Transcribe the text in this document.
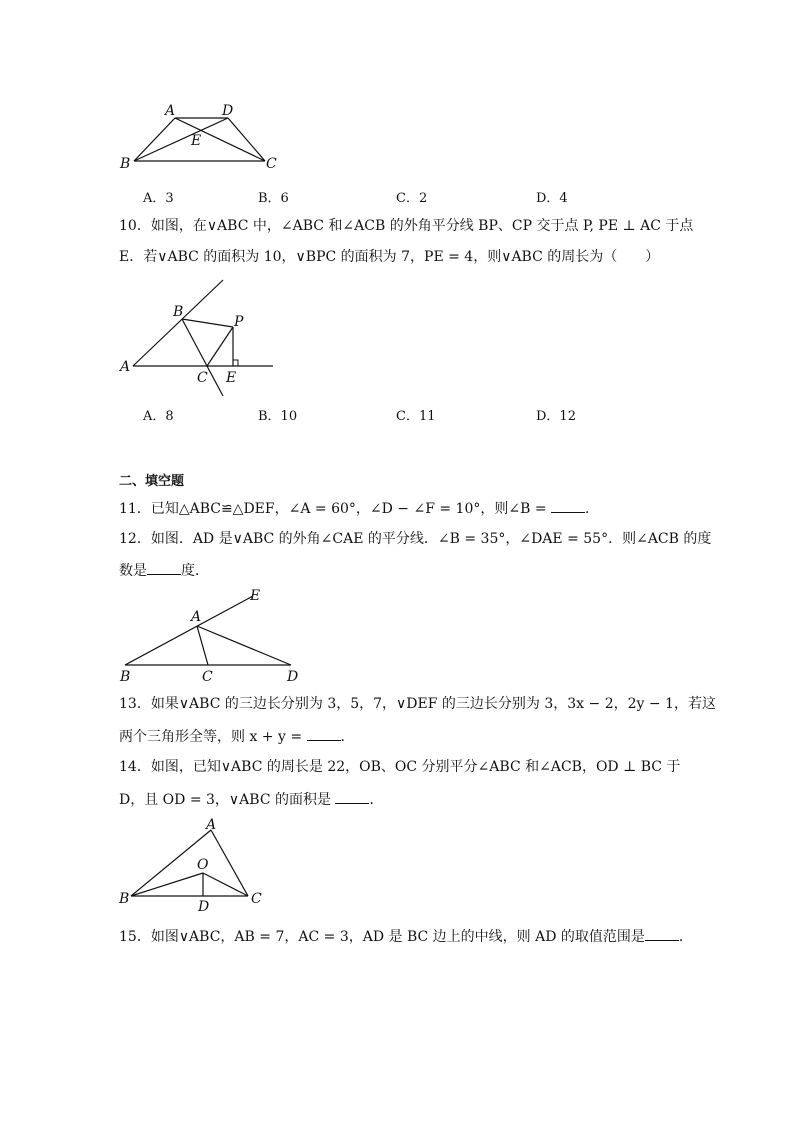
A	D
E
B	C
A．3	B．6	C．2	D．4
10．如图，在∨ABC 中，∠ABC 和∠ACB 的外角平分线 BP、CP 交于点 P, PE ⊥ AC 于点
E．若∨ABC 的面积为 10，∨BPC 的面积为 7，PE = 4，则∨ABC 的周长为（　　）
B
P
A
C E
A．8	B．10	C．11	D．12
二、填空题
11．已知△ABC≌△DEF，∠A = 60°，∠D − ∠F = 10°，则∠B = ．
12．如图．AD 是∨ABC 的外角∠CAE 的平分线．∠B = 35°，∠DAE = 55°．则∠ACB 的度
数是 度．
A
E
B	C	D
13．如果∨ABC 的三边长分别为 3，5，7，∨DEF 的三边长分别为 3，3x − 2，2y − 1，若这
两个三角形全等，则 x + y = ．
14．如图，已知∨ABC 的周长是 22，OB、OC 分别平分∠ABC 和∠ACB，OD ⊥ BC 于
D，且 OD = 3，∨ABC 的面积是 ．
A
O
B	C
D
15．如图∨ABC，AB = 7，AC = 3，AD 是 BC 边上的中线，则 AD 的取值范围是 ．
